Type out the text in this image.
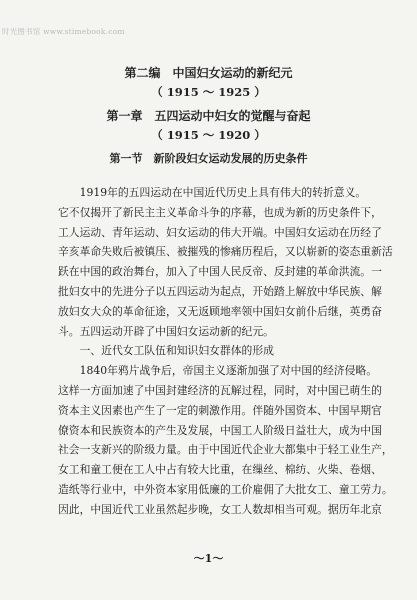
时光图书馆 www.stimebook.com
第二编　中国妇女运动的新纪元
（ 1915 ～ 1925 ）
第一章　五四运动中妇女的觉醒与奋起
（ 1915 ～ 1920 ）
第一节　新阶段妇女运动发展的历史条件
　　1919年的五四运动在中国近代历史上具有伟大的转折意义。
它不仅揭开了新民主主义革命斗争的序幕，也成为新的历史条件下，
工人运动、青年运动、妇女运动的伟大开端。中国妇女运动在历经了
辛亥革命失败后被镇压、被摧残的惨痛历程后，又以崭新的姿态重新活
跃在中国的政治舞台，加入了中国人民反帝、反封建的革命洪流。一
批妇女中的先进分子以五四运动为起点，开始踏上解放中华民族、解
放妇女大众的革命征途，又无返顾地率领中国妇女前仆后继，英勇奋
斗。五四运动开辟了中国妇女运动新的纪元。
　　一、近代女工队伍和知识妇女群体的形成
　　1840年鸦片战争后，帝国主义逐渐加强了对中国的经济侵略。
这样一方面加速了中国封建经济的瓦解过程，同时，对中国已萌生的
资本主义因素也产生了一定的刺激作用。伴随外国资本、中国早期官
僚资本和民族资本的产生及发展，中国工人阶级日益壮大，成为中国
社会一支新兴的阶级力量。由于中国近代企业大都集中于轻工业生产，
女工和童工便在工人中占有较大比重，在缫丝、棉纺、火柴、卷烟、
造纸等行业中，中外资本家用低廉的工价雇佣了大批女工、童工劳力。
因此，中国近代工业虽然起步晚，女工人数却相当可观。据历年北京
～1～
